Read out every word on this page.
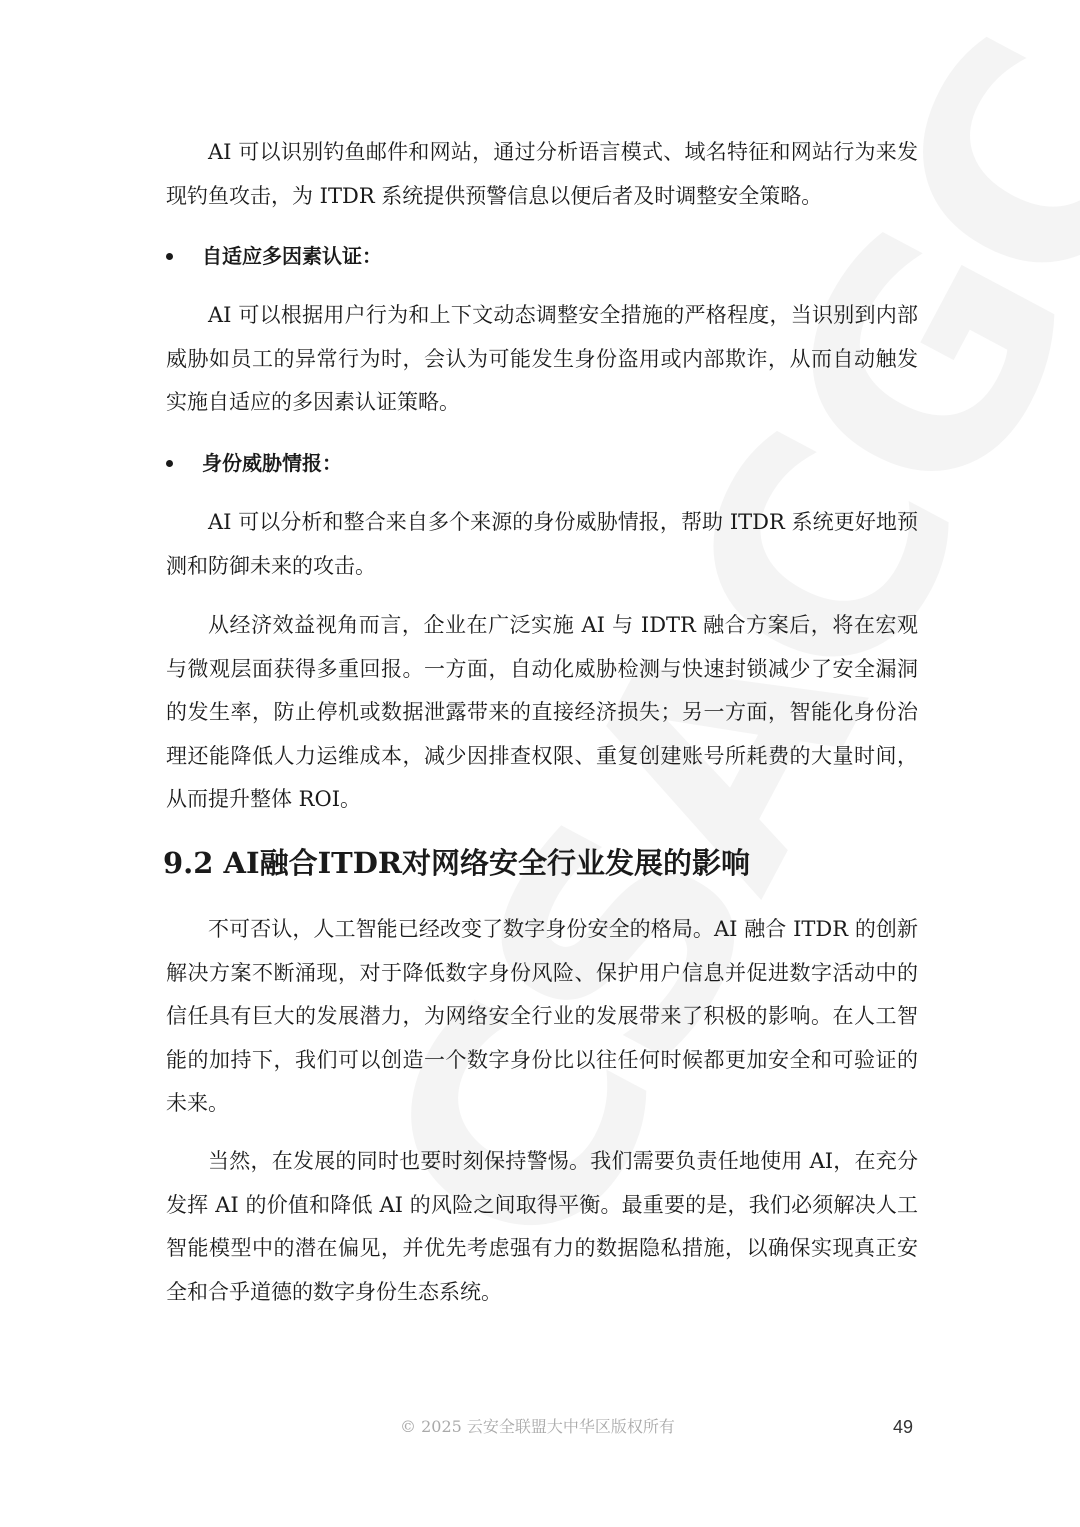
AI 可以识别钓鱼邮件和网站，通过分析语言模式、域名特征和网站行为来发现钓鱼攻击，为 ITDR 系统提供预警信息以便后者及时调整安全策略。

自适应多因素认证：

AI 可以根据用户行为和上下文动态调整安全措施的严格程度，当识别到内部威胁如员工的异常行为时，会认为可能发生身份盗用或内部欺诈，从而自动触发实施自适应的多因素认证策略。

身份威胁情报：

AI 可以分析和整合来自多个来源的身份威胁情报，帮助 ITDR 系统更好地预测和防御未来的攻击。

从经济效益视角而言，企业在广泛实施 AI 与 IDTR 融合方案后，将在宏观与微观层面获得多重回报。一方面，自动化威胁检测与快速封锁减少了安全漏洞的发生率，防止停机或数据泄露带来的直接经济损失；另一方面，智能化身份治理还能降低人力运维成本，减少因排查权限、重复创建账号所耗费的大量时间，从而提升整体 ROI。

9.2 AI融合ITDR对网络安全行业发展的影响

不可否认，人工智能已经改变了数字身份安全的格局。AI 融合 ITDR 的创新解决方案不断涌现，对于降低数字身份风险、保护用户信息并促进数字活动中的信任具有巨大的发展潜力，为网络安全行业的发展带来了积极的影响。在人工智能的加持下，我们可以创造一个数字身份比以往任何时候都更加安全和可验证的未来。

当然，在发展的同时也要时刻保持警惕。我们需要负责任地使用 AI，在充分发挥 AI 的价值和降低 AI 的风险之间取得平衡。最重要的是，我们必须解决人工智能模型中的潜在偏见，并优先考虑强有力的数据隐私措施，以确保实现真正安全和合乎道德的数字身份生态系统。

© 2025 云安全联盟大中华区版权所有	49
